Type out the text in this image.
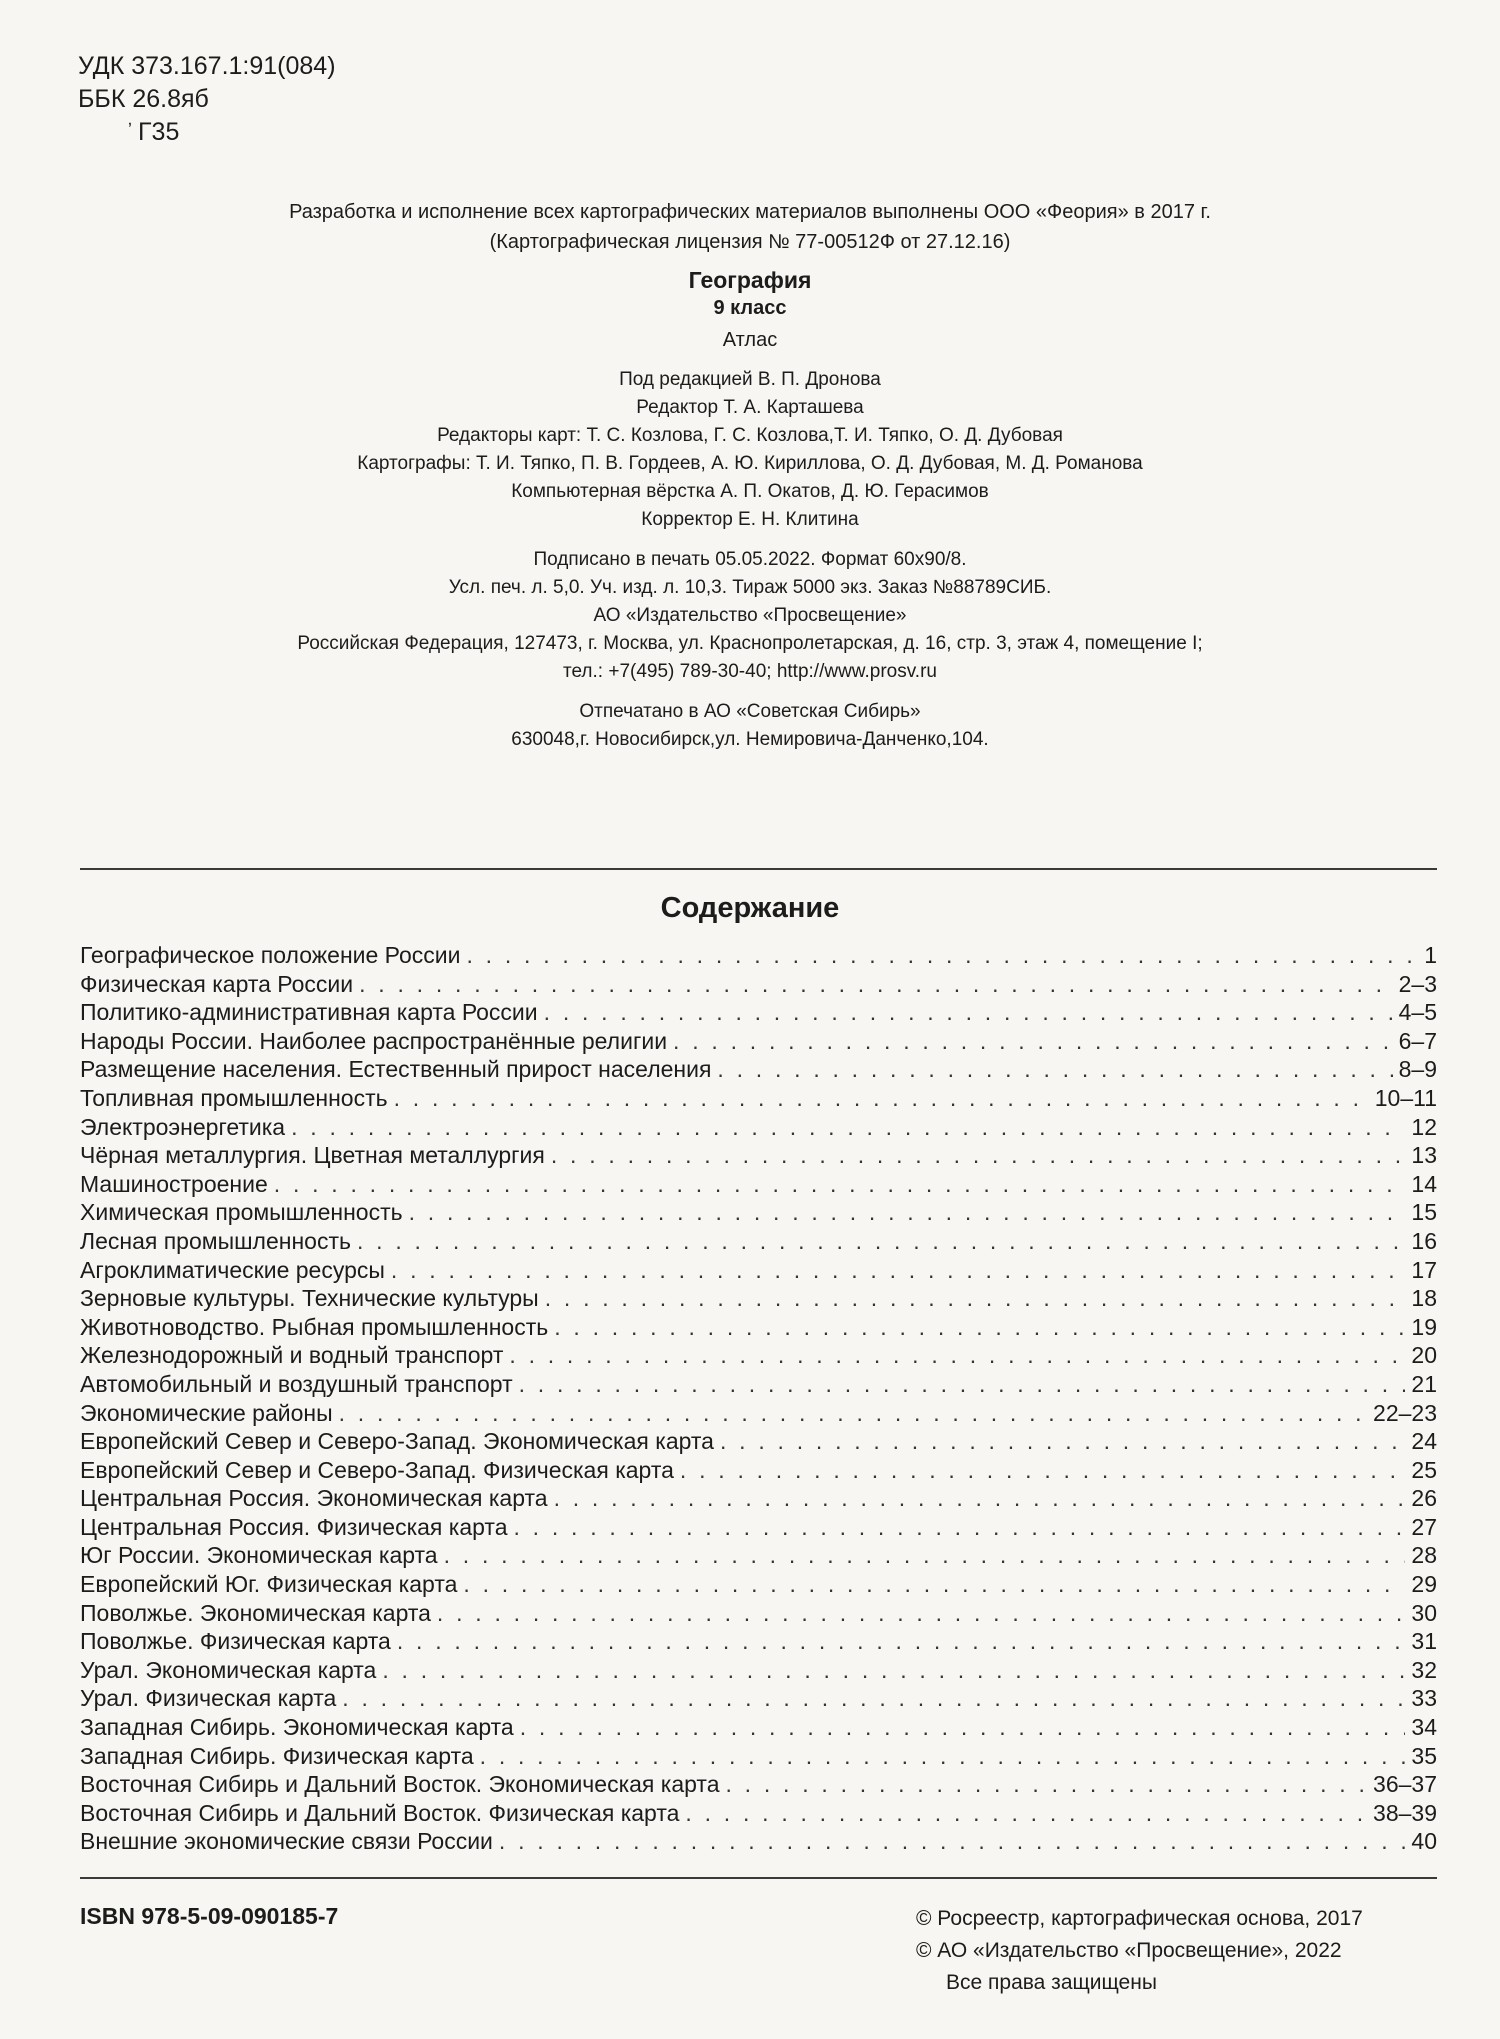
УДК 373.167.1:91(084)
ББК 26.8яб
ʼ Г35
Разработка и исполнение всех картографических материалов выполнены ООО «Феория» в 2017 г.
(Картографическая лицензия № 77-00512Ф от 27.12.16)
География
9 класс
Атлас
Под редакцией В. П. Дронова
Редактор Т. А. Карташева
Редакторы карт: Т. С. Козлова, Г. С. Козлова,Т. И. Тяпко, О. Д. Дубовая
Картографы: Т. И. Тяпко, П. В. Гордеев, А. Ю. Кириллова, О. Д. Дубовая, М. Д. Романова
Компьютерная вёрстка А. П. Окатов, Д. Ю. Герасимов
Корректор Е. Н. Клитина
Подписано в печать 05.05.2022. Формат 60x90/8.
Усл. печ. л. 5,0. Уч. изд. л. 10,3. Тираж 5000 экз. Заказ №88789СИБ.
АО «Издательство «Просвещение»
Российская Федерация, 127473, г. Москва, ул. Краснопролетарская, д. 16, стр. 3, этаж 4, помещение I;
тел.: +7(495) 789-30-40; http://www.prosv.ru
Отпечатано в АО «Советская Сибирь»
630048,г. Новосибирск,ул. Немировича-Данченко,104.
Содержание
Географическое положение России . . .	1
Физическая карта России . . .	2–3
Политико-административная карта России . . .	4–5
Народы России. Наиболее распространённые религии . . .	6–7
Размещение населения. Естественный прирост населения . . .	8–9
Топливная промышленность . . .	10–11
Электроэнергетика . . .	12
Чёрная металлургия. Цветная металлургия . . .	13
Машиностроение . . .	14
Химическая промышленность . . .	15
Лесная промышленность . . .	16
Агроклиматические ресурсы . . .	17
Зерновые культуры. Технические культуры . . .	18
Животноводство. Рыбная промышленность . . .	19
Железнодорожный и водный транспорт . . .	20
Автомобильный и воздушный транспорт . . .	21
Экономические районы . . .	22–23
Европейский Север и Северо-Запад. Экономическая карта . . .	24
Европейский Север и Северо-Запад. Физическая карта . . .	25
Центральная Россия. Экономическая карта . . .	26
Центральная Россия. Физическая карта . . .	27
Юг России. Экономическая карта . . .	28
Европейский Юг. Физическая карта . . .	29
Поволжье. Экономическая карта . . .	30
Поволжье. Физическая карта . . .	31
Урал. Экономическая карта . . .	32
Урал. Физическая карта . . .	33
Западная Сибирь. Экономическая карта . . .	34
Западная Сибирь. Физическая карта . . .	35
Восточная Сибирь и Дальний Восток. Экономическая карта . . .	36–37
Восточная Сибирь и Дальний Восток. Физическая карта . . .	38–39
Внешние экономические связи России . . .	40
ISBN 978-5-09-090185-7	© Росреестр, картографическая основа, 2017
© АО «Издательство «Просвещение», 2022
Все права защищены
